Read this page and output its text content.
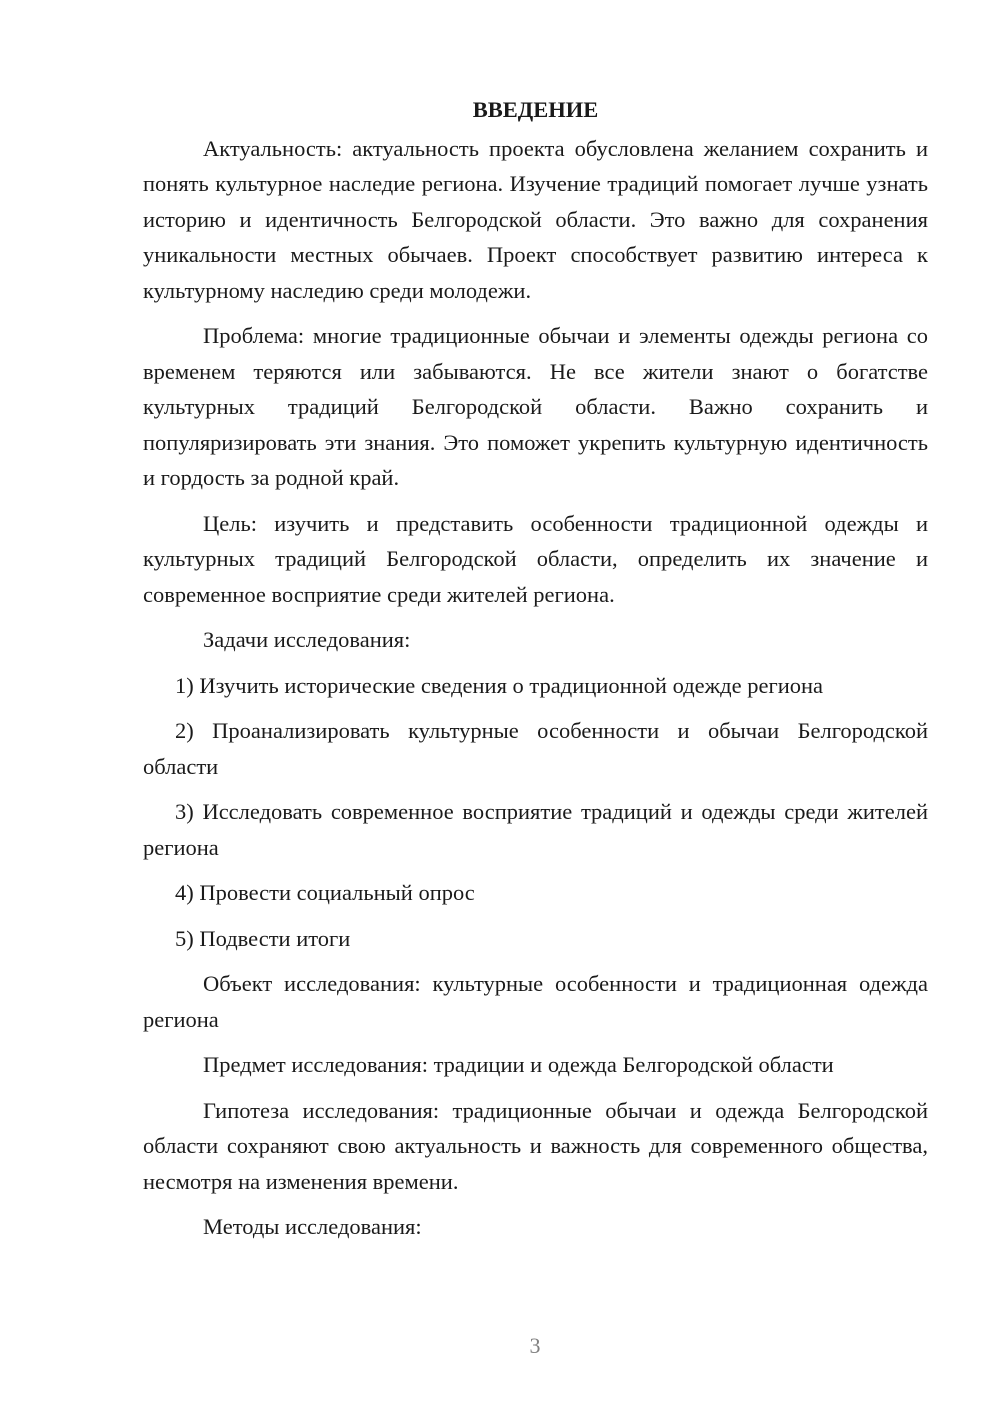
ВВЕДЕНИЕ

Актуальность: актуальность проекта обусловлена желанием сохранить и понять культурное наследие региона. Изучение традиций помогает лучше узнать историю и идентичность Белгородской области. Это важно для сохранения уникальности местных обычаев. Проект способствует развитию интереса к культурному наследию среди молодежи.

Проблема: многие традиционные обычаи и элементы одежды региона со временем теряются или забываются. Не все жители знают о богатстве культурных традиций Белгородской области. Важно сохранить и популяризировать эти знания. Это поможет укрепить культурную идентичность и гордость за родной край.

Цель: изучить и представить особенности традиционной одежды и культурных традиций Белгородской области, определить их значение и современное восприятие среди жителей региона.

Задачи исследования:

1) Изучить исторические сведения о традиционной одежде региона

2) Проанализировать культурные особенности и обычаи Белгородской области

3) Исследовать современное восприятие традиций и одежды среди жителей региона

4) Провести социальный опрос

5) Подвести итоги

Объект исследования: культурные особенности и традиционная одежда региона

Предмет исследования: традиции и одежда Белгородской области

Гипотеза исследования: традиционные обычаи и одежда Белгородской области сохраняют свою актуальность и важность для современного общества, несмотря на изменения времени.

Методы исследования:

3
